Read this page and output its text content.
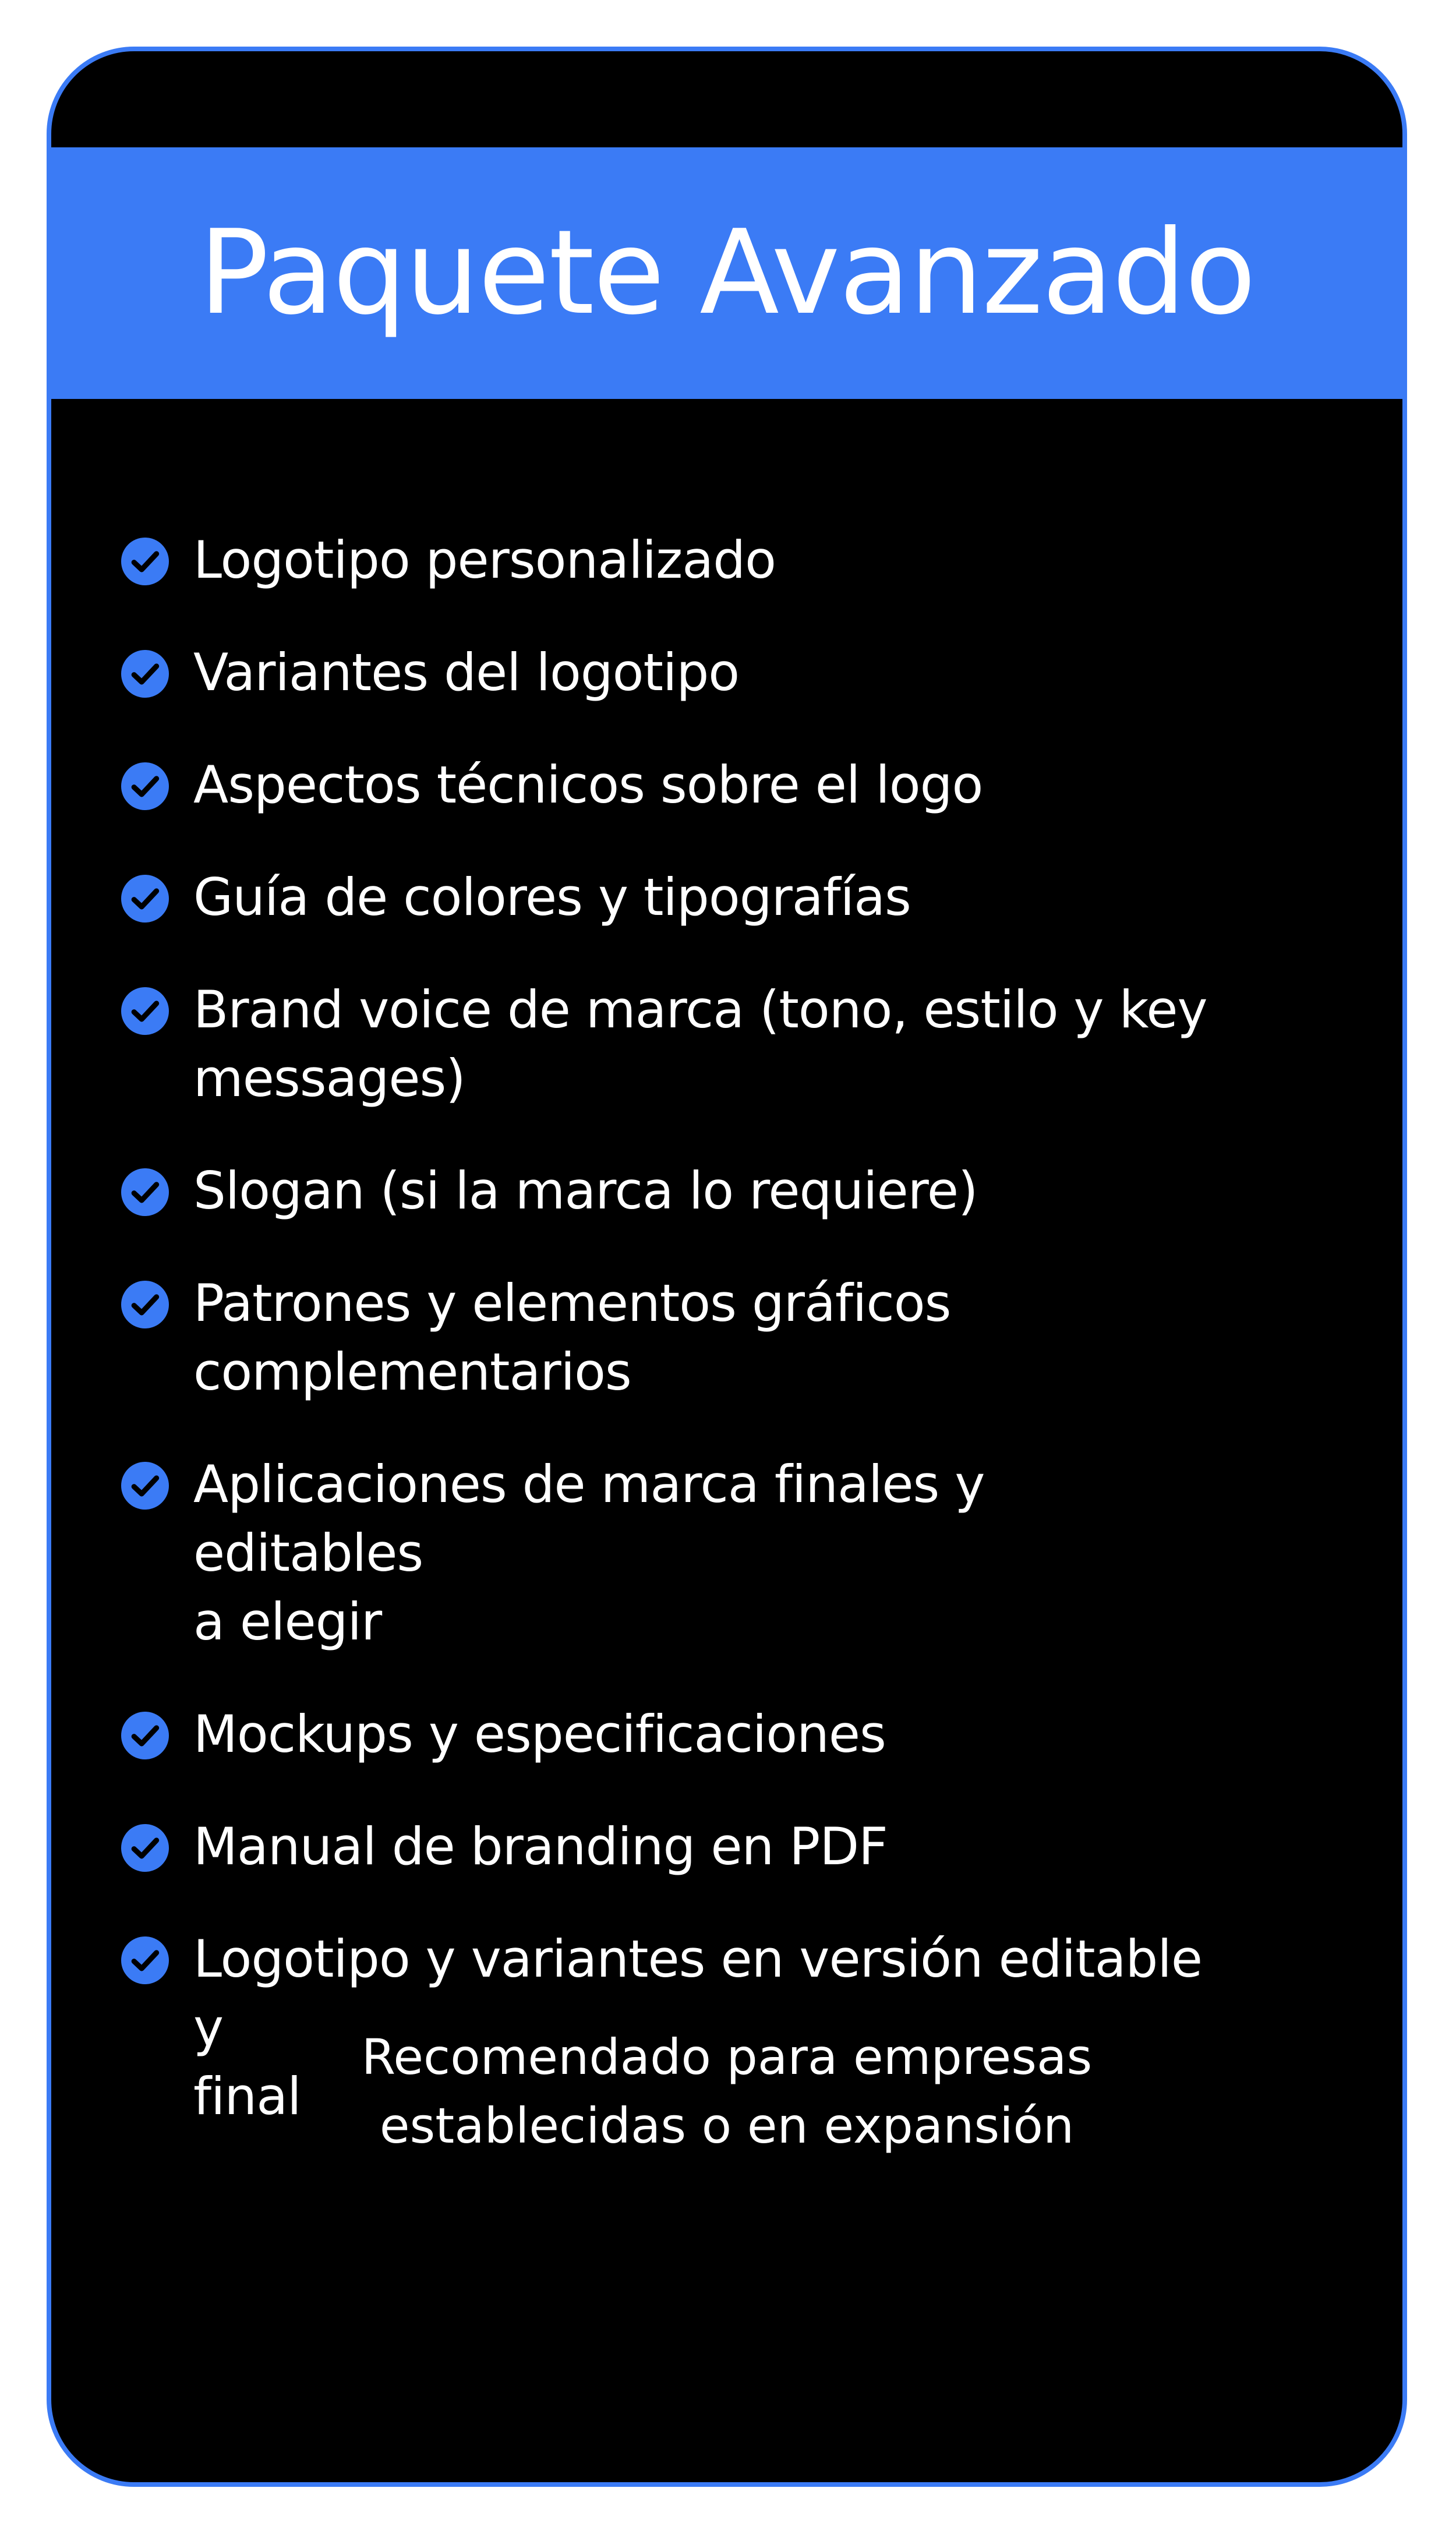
Paquete Avanzado
Logotipo personalizado
Variantes del logotipo
Aspectos técnicos sobre el logo
Guía de colores y tipografías
Brand voice de marca (tono, estilo y key
messages)
Slogan (si la marca lo requiere)
Patrones y elementos gráficos
complementarios
Aplicaciones de marca finales y editables
a elegir
Mockups y especificaciones
Manual de branding en PDF
Logotipo y variantes en versión editable y
final
Recomendado para empresas
establecidas o en expansión
